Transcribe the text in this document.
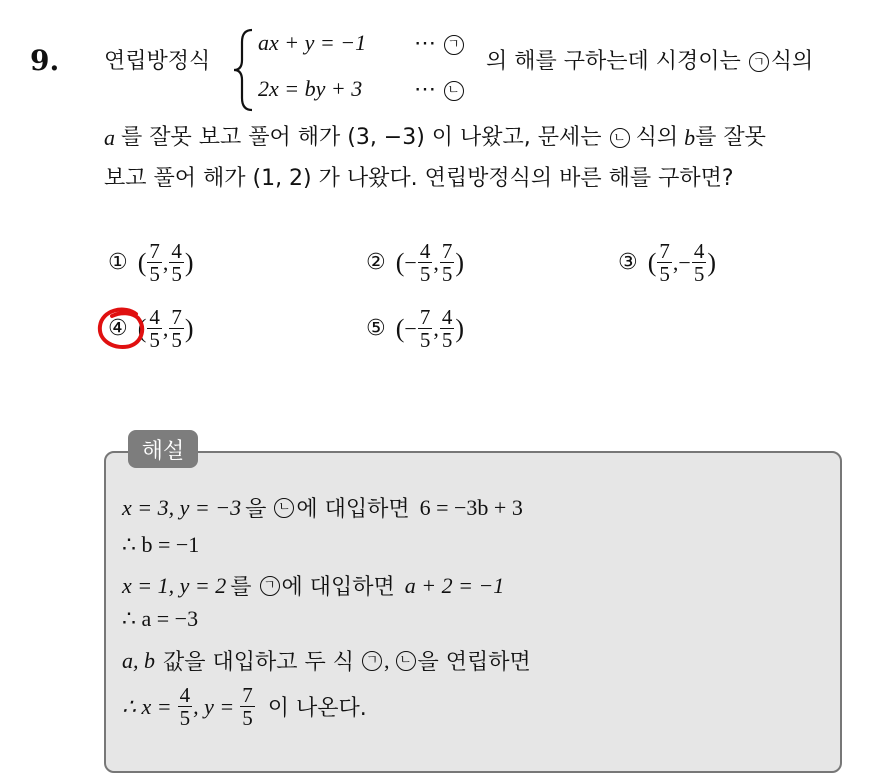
9. 연립방정식
ax + y = −1 ⋯ ㄱ
2x = by + 3 ⋯ ㄴ
의 해를 구하는데 시경이는 ㄱ 식의
a 를 잘못 보고 풀어 해가 (3, −3) 이 나왔고, 문세는 ㄴ 식의 b 를 잘못
보고 풀어 해가 (1, 2) 가 나왔다. 연립방정식의 바른 해를 구하면?
① ( $\frac{7}{5}$ , $\frac{4}{5}$ )	② ( − $\frac{4}{5}$ , $\frac{7}{5}$ )	③ ( $\frac{7}{5}$ , − $\frac{4}{5}$ )
④ ( $\frac{4}{5}$ , $\frac{7}{5}$ )	⑤ ( − $\frac{7}{5}$ , $\frac{4}{5}$ )
해설
x = 3, y = −3 을 ㄴ 에 대입하면 6 = −3b + 3
∴ b = −1
x = 1, y = 2 를 ㄱ 에 대입하면 a + 2 = −1
∴ a = −3
a, b 값을 대입하고 두 식 ㄱ , ㄴ 을 연립하면
∴ $x = \frac{4}{5}$ , $y = \frac{7}{5}$ 이 나온다.
